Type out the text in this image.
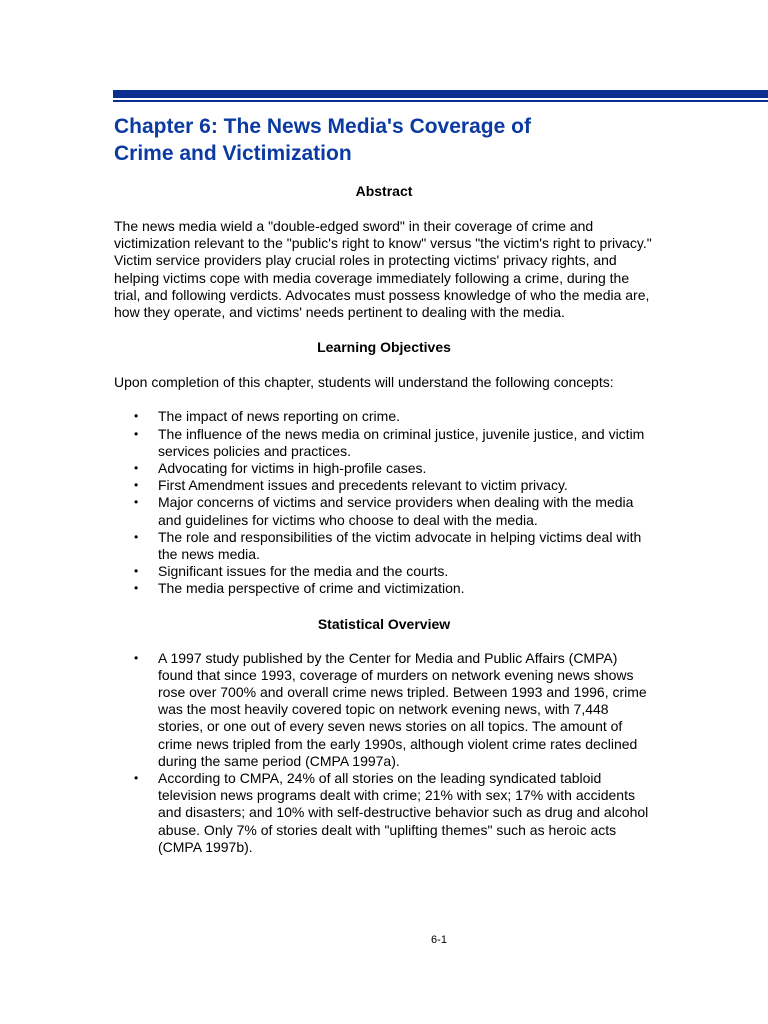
Chapter 6: The News Media's Coverage of
Crime and Victimization
Abstract

The news media wield a "double-edged sword" in their coverage of crime and victimization relevant to the "public's right to know" versus "the victim's right to privacy." Victim service providers play crucial roles in protecting victims' privacy rights, and helping victims cope with media coverage immediately following a crime, during the trial, and following verdicts. Advocates must possess knowledge of who the media are, how they operate, and victims' needs pertinent to dealing with the media.

Learning Objectives

Upon completion of this chapter, students will understand the following concepts:

• The impact of news reporting on crime.
• The influence of the news media on criminal justice, juvenile justice, and victim services policies and practices.
• Advocating for victims in high-profile cases.
• First Amendment issues and precedents relevant to victim privacy.
• Major concerns of victims and service providers when dealing with the media and guidelines for victims who choose to deal with the media.
• The role and responsibilities of the victim advocate in helping victims deal with the news media.
• Significant issues for the media and the courts.
• The media perspective of crime and victimization.
Statistical Overview
• A 1997 study published by the Center for Media and Public Affairs (CMPA) found that since 1993, coverage of murders on network evening news shows rose over 700% and overall crime news tripled. Between 1993 and 1996, crime was the most heavily covered topic on network evening news, with 7,448 stories, or one out of every seven news stories on all topics. The amount of crime news tripled from the early 1990s, although violent crime rates declined during the same period (CMPA 1997a).
• According to CMPA, 24% of all stories on the leading syndicated tabloid television news programs dealt with crime; 21% with sex; 17% with accidents and disasters; and 10% with self-destructive behavior such as drug and alcohol abuse. Only 7% of stories dealt with "uplifting themes" such as heroic acts (CMPA 1997b).
6-1
